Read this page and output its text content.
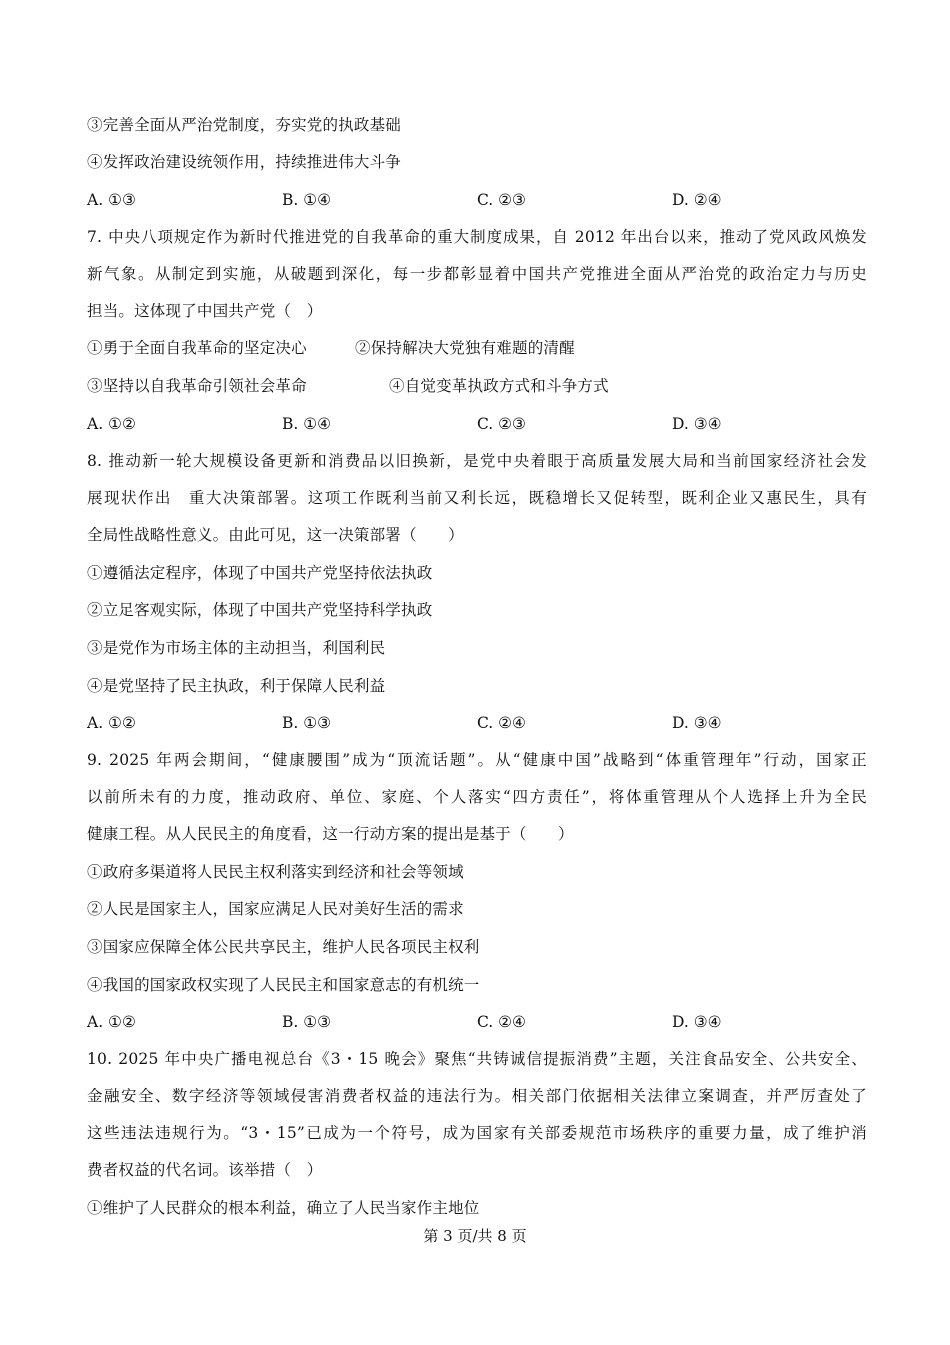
③完善全面从严治党制度，夯实党的执政基础
④发挥政治建设统领作用，持续推进伟大斗争
A. ①③	B. ①④	C. ②③	D. ②④
7. 中央八项规定作为新时代推进党的自我革命的重大制度成果，自 2012 年出台以来，推动了党风政风焕发
新气象。从制定到实施，从破题到深化，每一步都彰显着中国共产党推进全面从严治党的政治定力与历史
担当。这体现了中国共产党（　）
①勇于全面自我革命的坚定决心	②保持解决大党独有难题的清醒
③坚持以自我革命引领社会革命	④自觉变革执政方式和斗争方式
A. ①②	B. ①④	C. ②③	D. ③④
8. 推动新一轮大规模设备更新和消费品以旧换新，是党中央着眼于高质量发展大局和当前国家经济社会发
展现状作出　重大决策部署。这项工作既利当前又利长远，既稳增长又促转型，既利企业又惠民生，具有
全局性战略性意义。由此可见，这一决策部署（　　）
①遵循法定程序，体现了中国共产党坚持依法执政
②立足客观实际，体现了中国共产党坚持科学执政
③是党作为市场主体的主动担当，利国利民
④是党坚持了民主执政，利于保障人民利益
A. ①②	B. ①③	C. ②④	D. ③④
9. 2025 年两会期间，“健康腰围”成为“顶流话题”。从“健康中国”战略到“体重管理年”行动，国家正
以前所未有的力度，推动政府、单位、家庭、个人落实“四方责任”，将体重管理从个人选择上升为全民
健康工程。从人民民主的角度看，这一行动方案的提出是基于（　　）
①政府多渠道将人民民主权利落实到经济和社会等领域
②人民是国家主人，国家应满足人民对美好生活的需求
③国家应保障全体公民共享民主，维护人民各项民主权利
④我国的国家政权实现了人民民主和国家意志的有机统一
A. ①②	B. ①③	C. ②④	D. ③④
10. 2025 年中央广播电视总台《3・15 晚会》聚焦“共铸诚信提振消费”主题，关注食品安全、公共安全、
金融安全、数字经济等领域侵害消费者权益的违法行为。相关部门依据相关法律立案调查，并严厉查处了
这些违法违规行为。“3・15”已成为一个符号，成为国家有关部委规范市场秩序的重要力量，成了维护消
费者权益的代名词。该举措（　）
①维护了人民群众的根本利益，确立了人民当家作主地位
第 3 页/共 8 页
